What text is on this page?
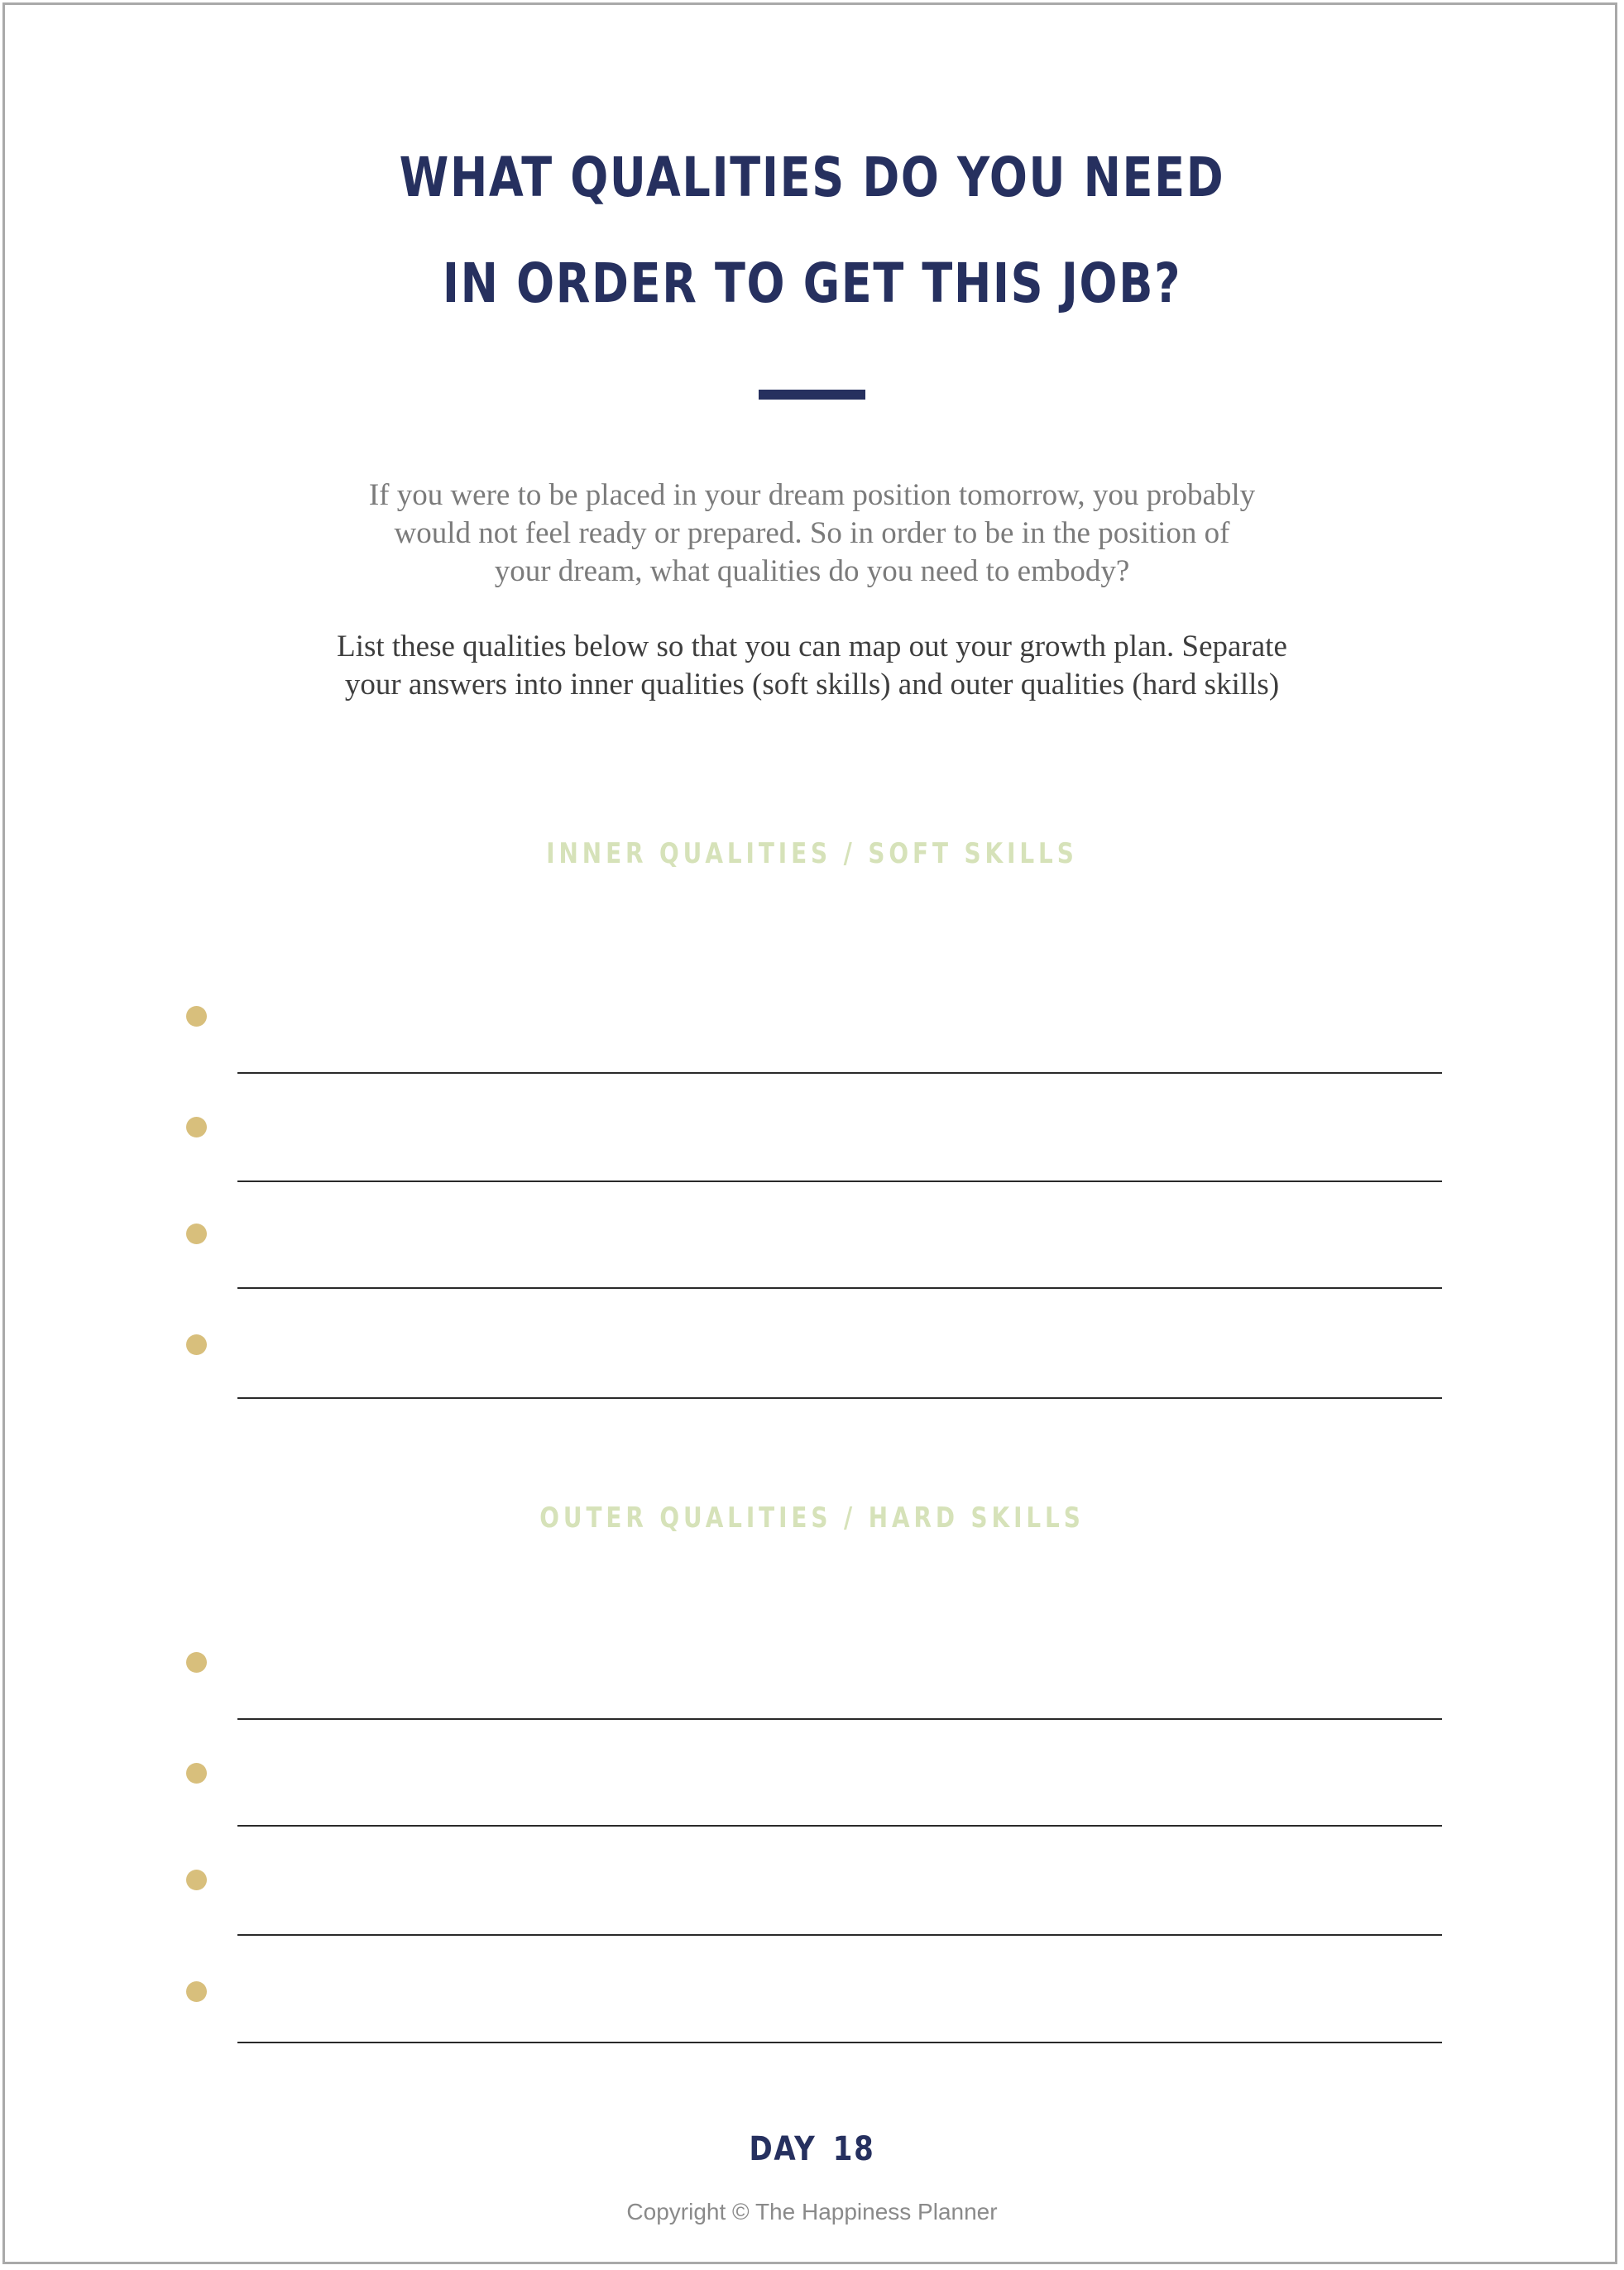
WHAT QUALITIES DO YOU NEED
IN ORDER TO GET THIS JOB?
If you were to be placed in your dream position tomorrow, you probably
would not feel ready or prepared. So in order to be in the position of
your dream, what qualities do you need to embody?
List these qualities below so that you can map out your growth plan. Separate
your answers into inner qualities (soft skills) and outer qualities (hard skills)
INNER QUALITIES / SOFT SKILLS
OUTER QUALITIES / HARD SKILLS
DAY 18
Copyright © The Happiness Planner
